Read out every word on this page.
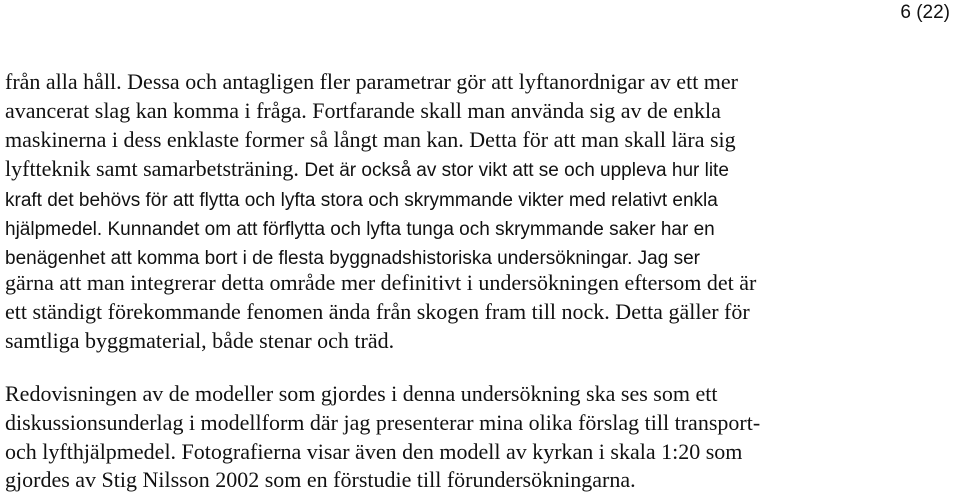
6 (22)
från alla håll. Dessa och antagligen fler parametrar gör att lyftanordnigar av ett mer
avancerat slag kan komma i fråga. Fortfarande skall man använda sig av de enkla
maskinerna i dess enklaste former så långt man kan. Detta för att man skall lära sig
lyftteknik samt samarbetsträning. Det är också av stor vikt att se och uppleva hur lite
kraft det behövs för att flytta och lyfta stora och skrymmande vikter med relativt enkla
hjälpmedel. Kunnandet om att förflytta och lyfta tunga och skrymmande saker har en
benägenhet att komma bort i de flesta byggnadshistoriska undersökningar. Jag ser
gärna att man integrerar detta område mer definitivt i undersökningen eftersom det är
ett ständigt förekommande fenomen ända från skogen fram till nock. Detta gäller för
samtliga byggmaterial, både stenar och träd.
Redovisningen av de modeller som gjordes i denna undersökning ska ses som ett
diskussionsunderlag i modellform där jag presenterar mina olika förslag till transport-
och lyfthjälpmedel. Fotografierna visar även den modell av kyrkan i skala 1:20 som
gjordes av Stig Nilsson 2002 som en förstudie till förundersökningarna.
